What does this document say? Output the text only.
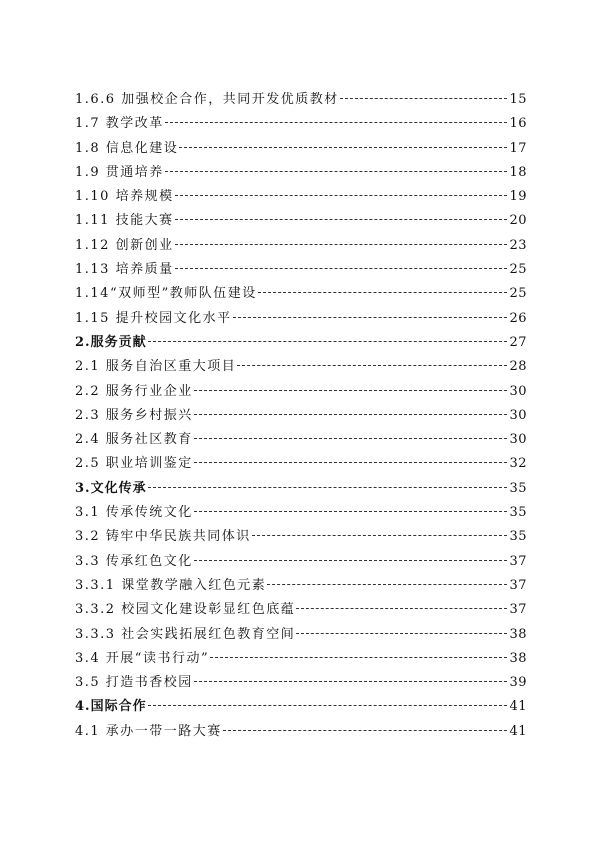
1.6.6 加强校企合作，共同开发优质教材	15
1.7 教学改革	16
1.8 信息化建设	17
1.9 贯通培养	18
1.10 培养规模	19
1.11 技能大赛	20
1.12 创新创业	23
1.13 培养质量	25
1.14“双师型”教师队伍建设	25
1.15 提升校园文化水平	26
2.服务贡献	27
2.1 服务自治区重大项目	28
2.2 服务行业企业	30
2.3 服务乡村振兴	30
2.4 服务社区教育	30
2.5 职业培训鉴定	32
3.文化传承	35
3.1 传承传统文化	35
3.2 铸牢中华民族共同体识	35
3.3 传承红色文化	37
3.3.1 课堂教学融入红色元素	37
3.3.2 校园文化建设彰显红色底蕴	37
3.3.3 社会实践拓展红色教育空间	38
3.4 开展“读书行动”	38
3.5 打造书香校园	39
4.国际合作	41
4.1 承办一带一路大赛	41
